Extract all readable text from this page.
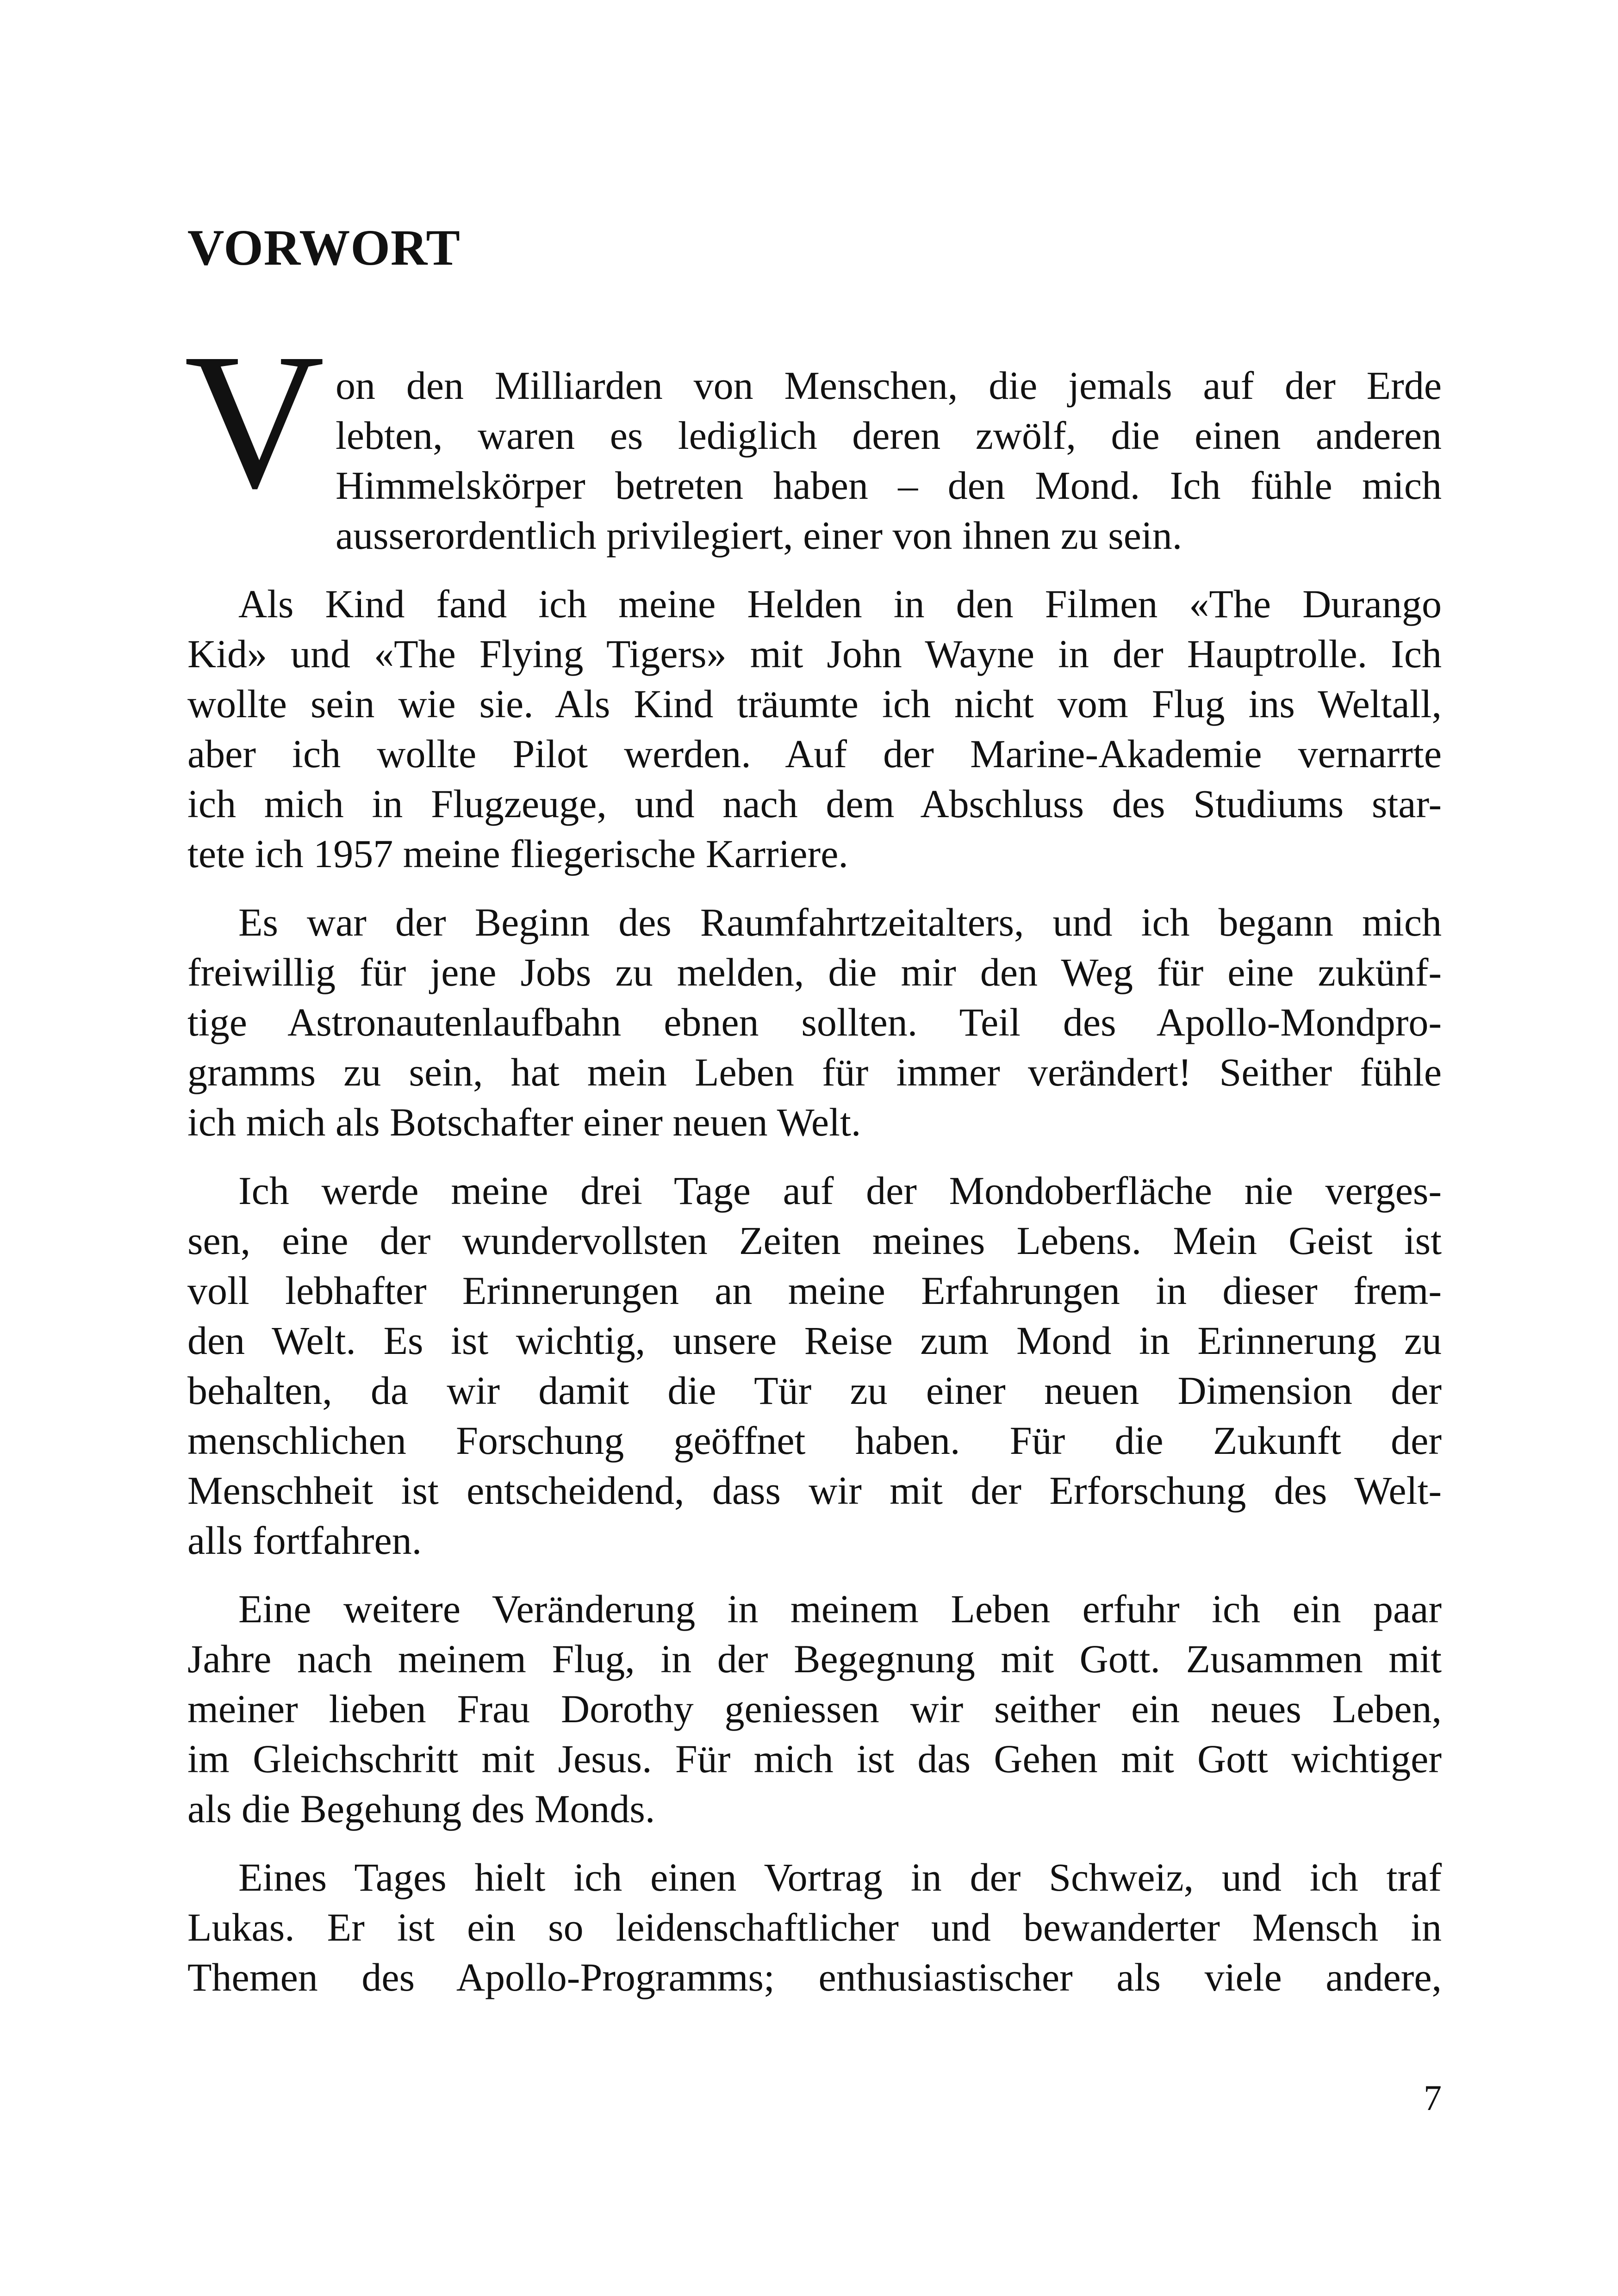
VORWORT
V on den Milliarden von Menschen, die jemals auf der Erde
lebten, waren es lediglich deren zwölf, die einen anderen
Himmelskörper betreten haben – den Mond. Ich fühle mich
ausserordentlich privilegiert, einer von ihnen zu sein.
Als Kind fand ich meine Helden in den Filmen «The Durango
Kid» und «The Flying Tigers» mit John Wayne in der Hauptrolle. Ich
wollte sein wie sie. Als Kind träumte ich nicht vom Flug ins Weltall,
aber ich wollte Pilot werden. Auf der Marine-Akademie vernarrte
ich mich in Flugzeuge, und nach dem Abschluss des Studiums star-
tete ich 1957 meine fliegerische Karriere.
Es war der Beginn des Raumfahrtzeitalters, und ich begann mich
freiwillig für jene Jobs zu melden, die mir den Weg für eine zukünf-
tige Astronautenlaufbahn ebnen sollten. Teil des Apollo-Mondpro-
gramms zu sein, hat mein Leben für immer verändert! Seither fühle
ich mich als Botschafter einer neuen Welt.
Ich werde meine drei Tage auf der Mondoberfläche nie verges-
sen, eine der wundervollsten Zeiten meines Lebens. Mein Geist ist
voll lebhafter Erinnerungen an meine Erfahrungen in dieser frem-
den Welt. Es ist wichtig, unsere Reise zum Mond in Erinnerung zu
behalten, da wir damit die Tür zu einer neuen Dimension der
menschlichen Forschung geöffnet haben. Für die Zukunft der
Menschheit ist entscheidend, dass wir mit der Erforschung des Welt-
alls fortfahren.
Eine weitere Veränderung in meinem Leben erfuhr ich ein paar
Jahre nach meinem Flug, in der Begegnung mit Gott. Zusammen mit
meiner lieben Frau Dorothy geniessen wir seither ein neues Leben,
im Gleichschritt mit Jesus. Für mich ist das Gehen mit Gott wichtiger
als die Begehung des Monds.
Eines Tages hielt ich einen Vortrag in der Schweiz, und ich traf
Lukas. Er ist ein so leidenschaftlicher und bewanderter Mensch in
Themen des Apollo-Programms; enthusiastischer als viele andere,
7
